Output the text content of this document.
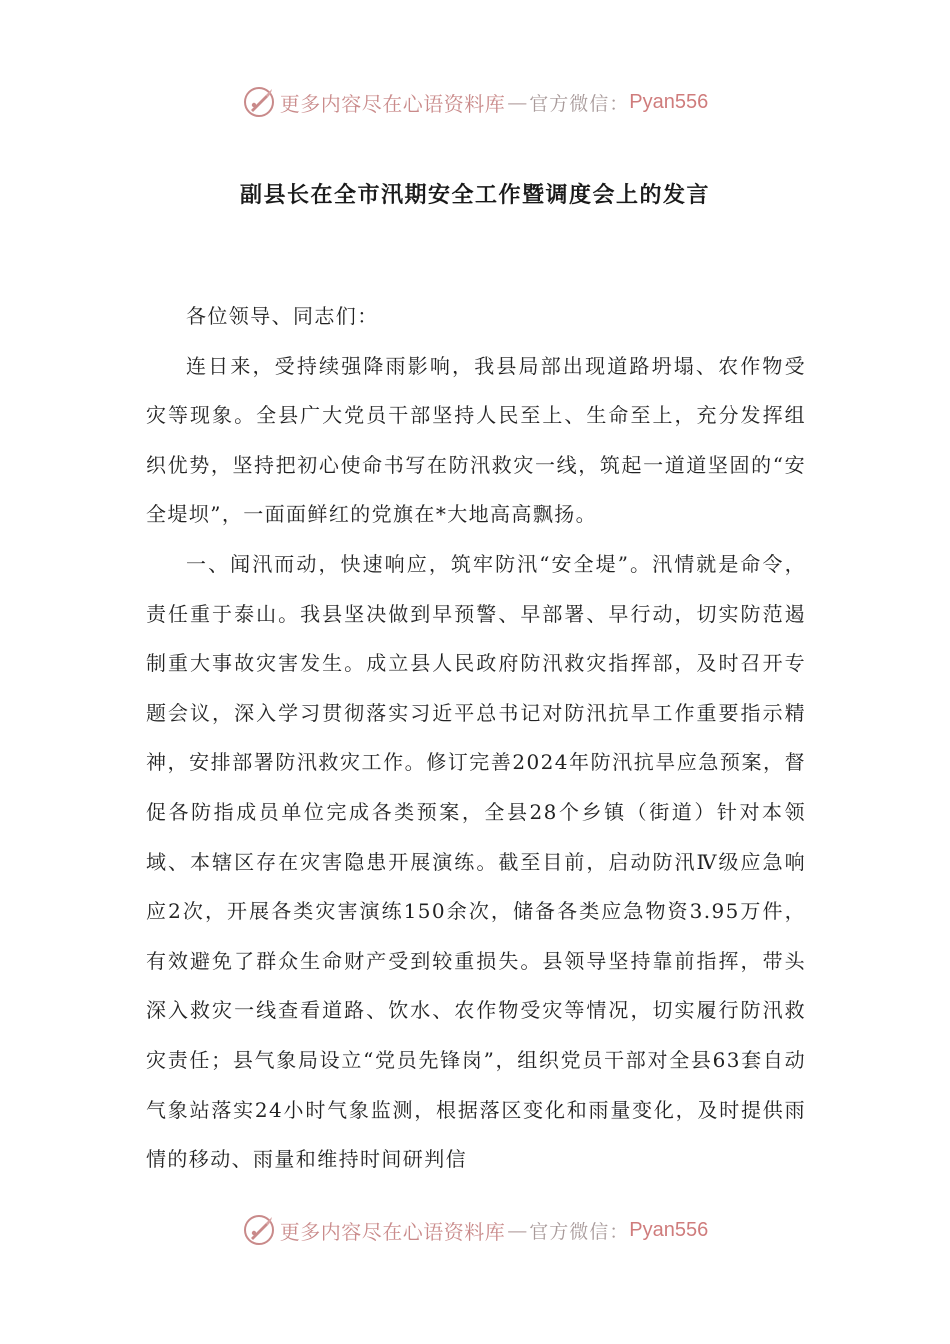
更多内容尽在心语资料库 — 官方微信： Pyan556
副县长在全市汛期安全工作暨调度会上的发言

各位领导、同志们：

连日来，受持续强降雨影响，我县局部出现道路坍塌、农作物受灾等现象。全县广大党员干部坚持人民至上、生命至上，充分发挥组织优势，坚持把初心使命书写在防汛救灾一线，筑起一道道坚固的“安全堤坝”，一面面鲜红的党旗在*大地高高飘扬。

一、闻汛而动，快速响应，筑牢防汛“安全堤”。汛情就是命令，责任重于泰山。我县坚决做到早预警、早部署、早行动，切实防范遏制重大事故灾害发生。成立县人民政府防汛救灾指挥部，及时召开专题会议，深入学习贯彻落实习近平总书记对防汛抗旱工作重要指示精神，安排部署防汛救灾工作。修订完善2024年防汛抗旱应急预案，督促各防指成员单位完成各类预案，全县28个乡镇（街道）针对本领域、本辖区存在灾害隐患开展演练。截至目前，启动防汛Ⅳ级应急响应2次，开展各类灾害演练150余次，储备各类应急物资3.95万件，有效避免了群众生命财产受到较重损失。县领导坚持靠前指挥，带头深入救灾一线查看道路、饮水、农作物受灾等情况，切实履行防汛救灾责任；县气象局设立“党员先锋岗”，组织党员干部对全县63套自动气象站落实24小时气象监测，根据落区变化和雨量变化，及时提供雨情的移动、雨量和维持时间研判信

更多内容尽在心语资料库 — 官方微信： Pyan556
